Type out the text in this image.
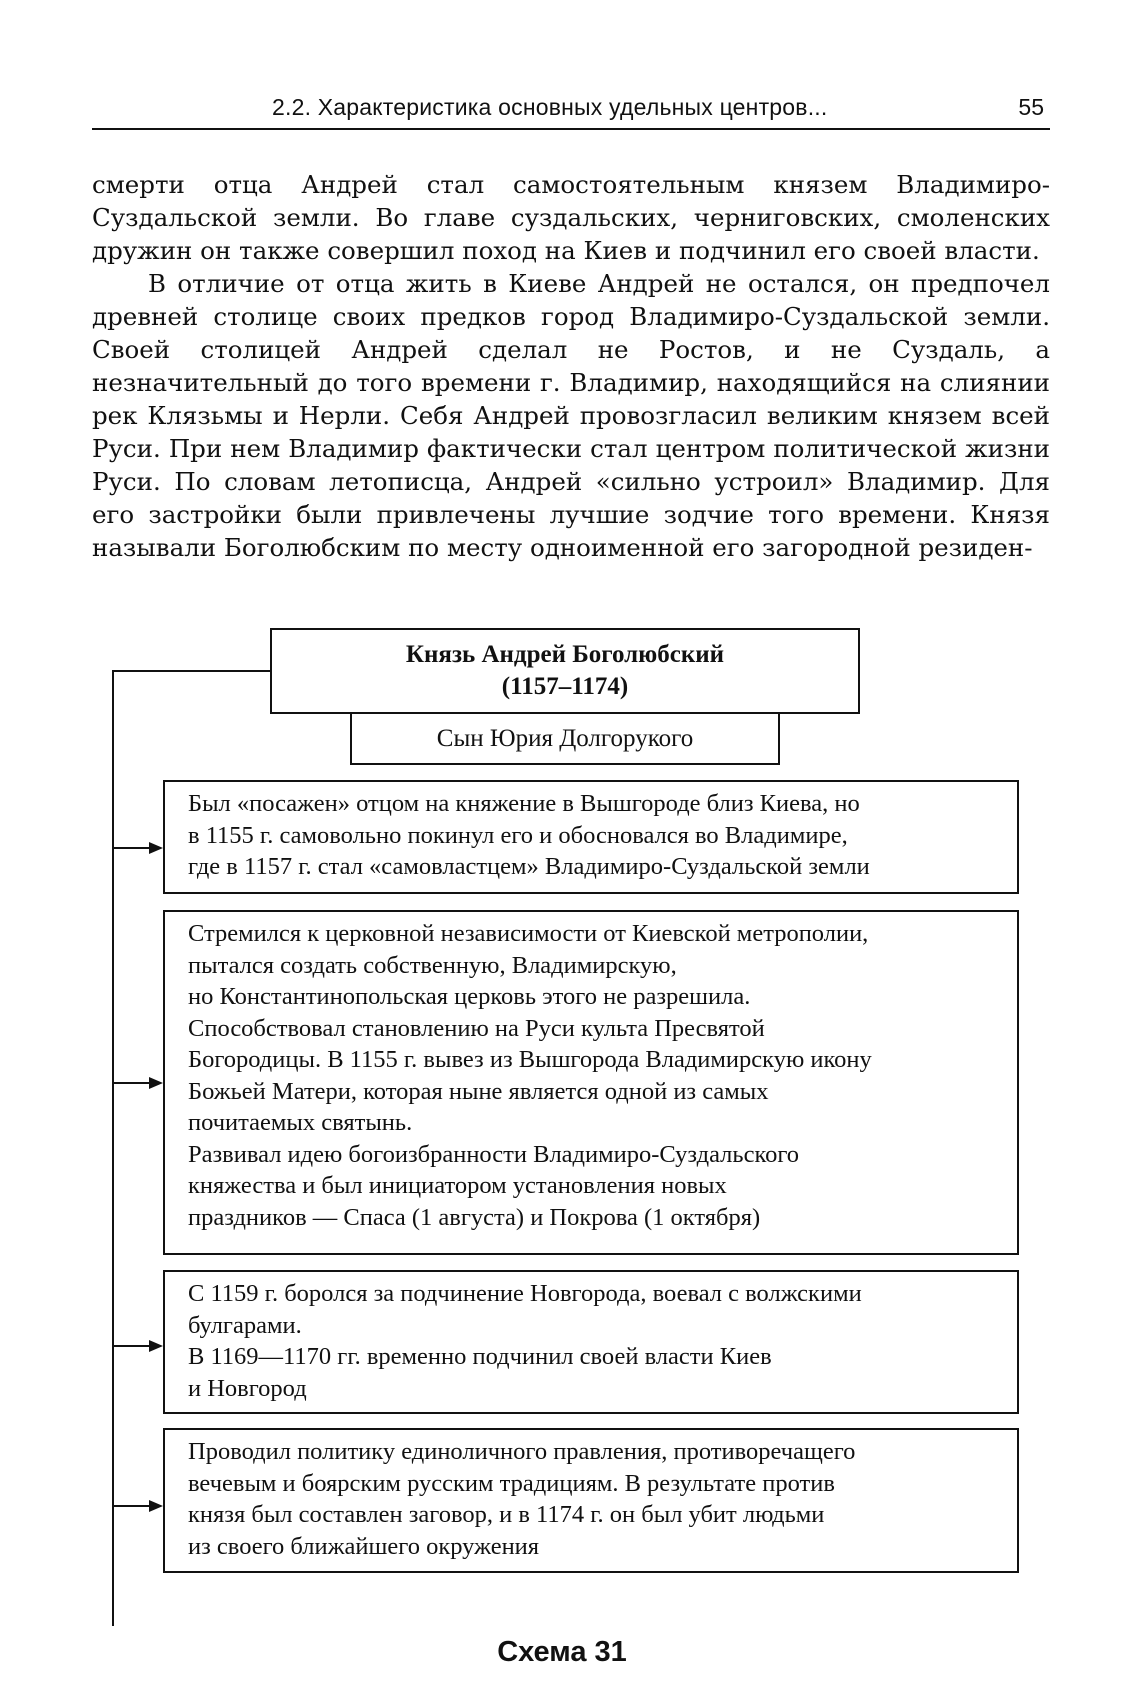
2.2. Характеристика основных удельных центров...	55

смерти отца Андрей стал самостоятельным князем Владимиро-Суздальской земли. Во главе суздальских, черниговских, смоленских дружин он также совершил поход на Киев и подчинил его своей власти.

В отличие от отца жить в Киеве Андрей не остался, он предпочел древней столице своих предков город Владимиро-Суздальской земли. Своей столицей Андрей сделал не Ростов, и не Суздаль, а незначительный до того времени г. Владимир, находящийся на слиянии рек Клязьмы и Нерли. Себя Андрей провозгласил великим князем всей Руси. При нем Владимир фактически стал центром политической жизни Руси. По словам летописца, Андрей «сильно устроил» Владимир. Для его застройки были привлечены лучшие зодчие того времени. Князя называли Боголюбским по месту одноименной его загородной резиден-

Князь Андрей Боголюбский
(1157–1174)
Сын Юрия Долгорукого
Был «посажен» отцом на княжение в Вышгороде близ Киева, но
в 1155 г. самовольно покинул его и обосновался во Владимире,
где в 1157 г. стал «самовластцем» Владимиро-Суздальской земли
Стремился к церковной независимости от Киевской метрополии,
пытался создать собственную, Владимирскую,
но Константинопольская церковь этого не разрешила.
Способствовал становлению на Руси культа Пресвятой
Богородицы. В 1155 г. вывез из Вышгорода Владимирскую икону
Божьей Матери, которая ныне является одной из самых
почитаемых святынь.
Развивал идею богоизбранности Владимиро-Суздальского
княжества и был инициатором установления новых
праздников — Спаса (1 августа) и Покрова (1 октября)
С 1159 г. боролся за подчинение Новгорода, воевал с волжскими
булгарами.
В 1169—1170 гг. временно подчинил своей власти Киев
и Новгород
Проводил политику единоличного правления, противоречащего
вечевым и боярским русским традициям. В результате против
князя был составлен заговор, и в 1174 г. он был убит людьми
из своего ближайшего окружения
Схема 31
